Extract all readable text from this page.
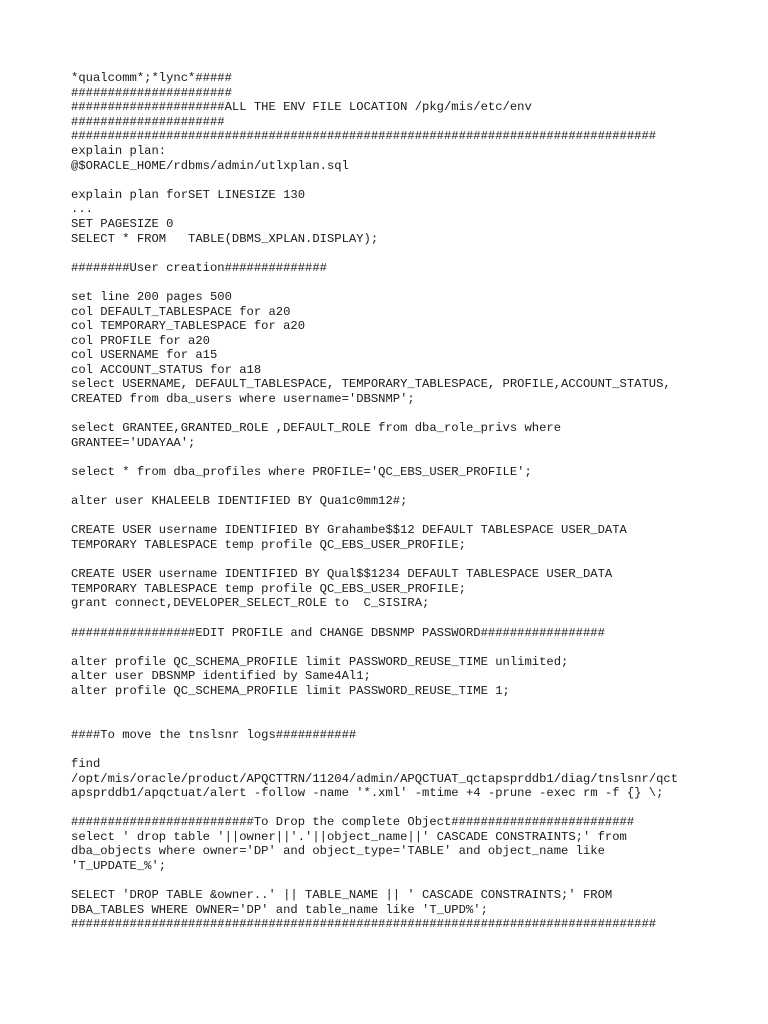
*qualcomm*;*lync*#####
######################
#####################ALL THE ENV FILE LOCATION /pkg/mis/etc/env
#####################
################################################################################
explain plan:
@$ORACLE_HOME/rdbms/admin/utlxplan.sql
explain plan forSET LINESIZE 130
...
SET PAGESIZE 0
SELECT * FROM   TABLE(DBMS_XPLAN.DISPLAY);
########User creation##############
set line 200 pages 500
col DEFAULT_TABLESPACE for a20
col TEMPORARY_TABLESPACE for a20
col PROFILE for a20
col USERNAME for a15
col ACCOUNT_STATUS for a18
select USERNAME, DEFAULT_TABLESPACE, TEMPORARY_TABLESPACE, PROFILE,ACCOUNT_STATUS,
CREATED from dba_users where username='DBSNMP';
select GRANTEE,GRANTED_ROLE ,DEFAULT_ROLE from dba_role_privs where
GRANTEE='UDAYAA';
select * from dba_profiles where PROFILE='QC_EBS_USER_PROFILE';
alter user KHALEELB IDENTIFIED BY Qua1c0mm12#;
CREATE USER username IDENTIFIED BY Grahambe$$12 DEFAULT TABLESPACE USER_DATA
TEMPORARY TABLESPACE temp profile QC_EBS_USER_PROFILE;
CREATE USER username IDENTIFIED BY Qual$$1234 DEFAULT TABLESPACE USER_DATA
TEMPORARY TABLESPACE temp profile QC_EBS_USER_PROFILE;
grant connect,DEVELOPER_SELECT_ROLE to  C_SISIRA;
#################EDIT PROFILE and CHANGE DBSNMP PASSWORD#################
alter profile QC_SCHEMA_PROFILE limit PASSWORD_REUSE_TIME unlimited;
alter user DBSNMP identified by Same4Al1;
alter profile QC_SCHEMA_PROFILE limit PASSWORD_REUSE_TIME 1;
####To move the tnslsnr logs###########
find
/opt/mis/oracle/product/APQCTTRN/11204/admin/APQCTUAT_qctapsprddb1/diag/tnslsnr/qct
apsprddb1/apqctuat/alert -follow -name '*.xml' -mtime +4 -prune -exec rm -f {} \;
#########################To Drop the complete Object#########################
select ' drop table '||owner||'.'||object_name||' CASCADE CONSTRAINTS;' from
dba_objects where owner='DP' and object_type='TABLE' and object_name like
'T_UPDATE_%';
SELECT 'DROP TABLE &owner..' || TABLE_NAME || ' CASCADE CONSTRAINTS;' FROM
DBA_TABLES WHERE OWNER='DP' and table_name like 'T_UPD%';
################################################################################
